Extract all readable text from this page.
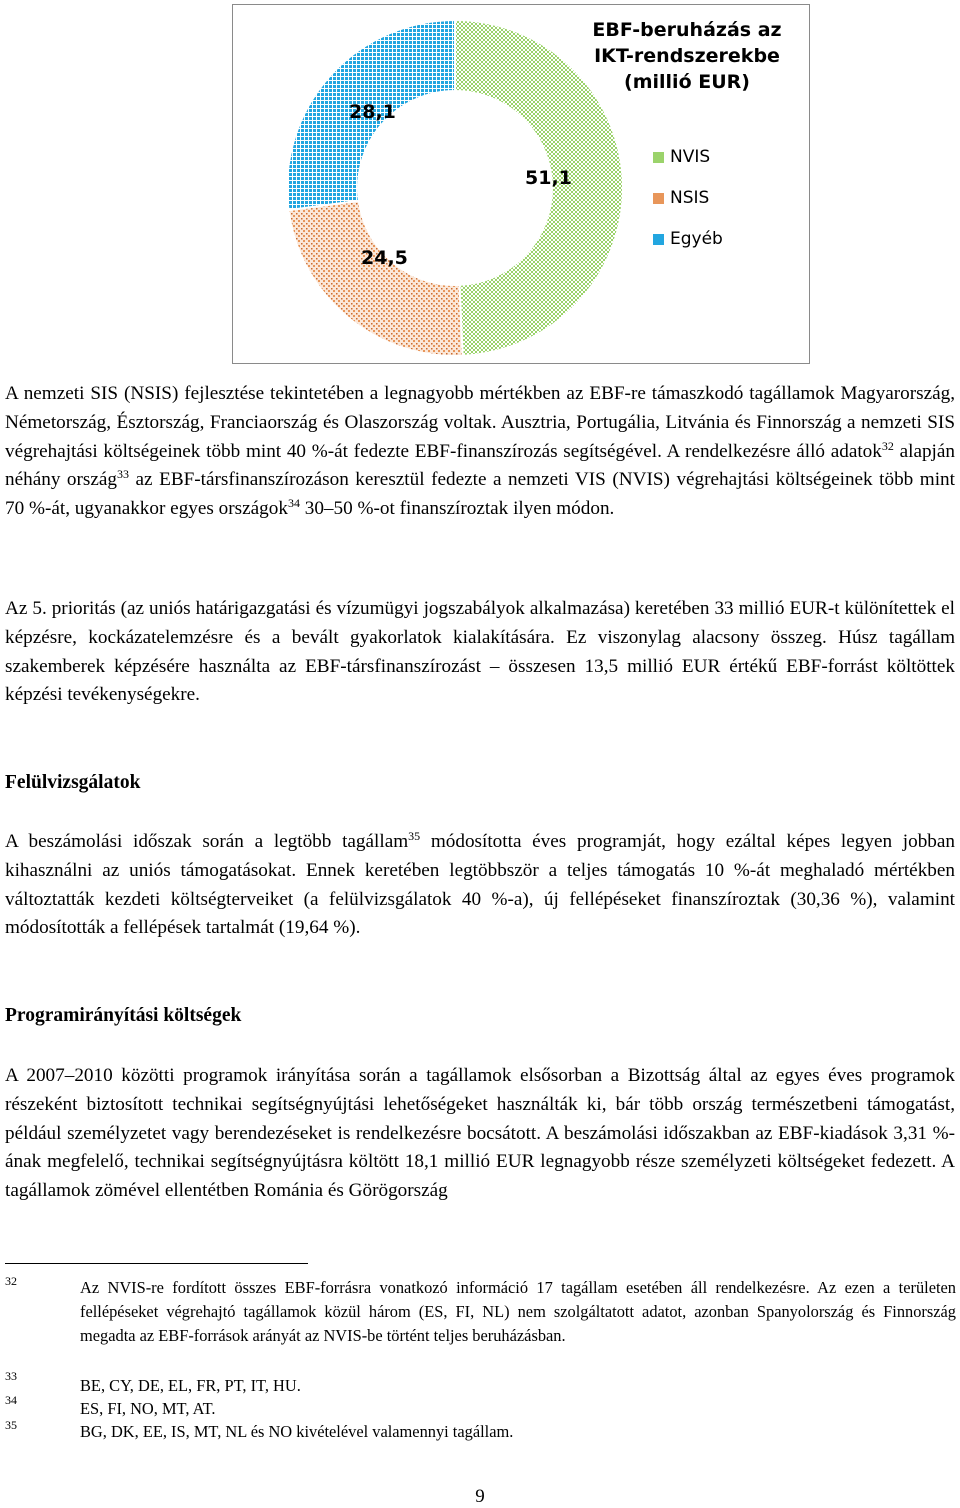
EBF-beruházás az
IKT-rendszerekbe
(millió EUR)
NVIS
NSIS
Egyéb
51,1
24,5
28,1

A nemzeti SIS (NSIS) fejlesztése tekintetében a legnagyobb mértékben az EBF-re támaszkodó tagállamok Magyarország, Németország, Észtország, Franciaország és Olaszország voltak. Ausztria, Portugália, Litvánia és Finnország a nemzeti SIS végrehajtási költségeinek több mint 40 %-át fedezte EBF-finanszírozás segítségével. A rendelkezésre álló adatok$^{32}$ alapján néhány ország$^{33}$ az EBF-társfinanszírozáson keresztül fedezte a nemzeti VIS (NVIS) végrehajtási költségeinek több mint 70 %-át, ugyanakkor egyes országok$^{34}$ 30–50 %-ot finanszíroztak ilyen módon.

Az 5. prioritás (az uniós határigazgatási és vízumügyi jogszabályok alkalmazása) keretében 33 millió EUR-t különítettek el képzésre, kockázatelemzésre és a bevált gyakorlatok kialakítására. Ez viszonylag alacsony összeg. Húsz tagállam szakemberek képzésére használta az EBF-társfinanszírozást – összesen 13,5 millió EUR értékű EBF-forrást költöttek képzési tevékenységekre.

Felülvizsgálatok

A beszámolási időszak során a legtöbb tagállam$^{35}$ módosította éves programját, hogy ezáltal képes legyen jobban kihasználni az uniós támogatásokat. Ennek keretében legtöbbször a teljes támogatás 10 %-át meghaladó mértékben változtatták kezdeti költségterveiket (a felülvizsgálatok 40 %-a), új fellépéseket finanszíroztak (30,36 %), valamint módosították a fellépések tartalmát (19,64 %).

Programirányítási költségek

A 2007–2010 közötti programok irányítása során a tagállamok elsősorban a Bizottság által az egyes éves programok részeként biztosított technikai segítségnyújtási lehetőségeket használták ki, bár több ország természetbeni támogatást, például személyzetet vagy berendezéseket is rendelkezésre bocsátott. A beszámolási időszakban az EBF-kiadások 3,31 %-ának megfelelő, technikai segítségnyújtásra költött 18,1 millió EUR legnagyobb része személyzeti költségeket fedezett. A tagállamok zömével ellentétben Románia és Görögország

32	Az NVIS-re fordított összes EBF-forrásra vonatkozó információ 17 tagállam esetében áll rendelkezésre. Az ezen a területen fellépéseket végrehajtó tagállamok közül három (ES, FI, NL) nem szolgáltatott adatot, azonban Spanyolország és Finnország megadta az EBF-források arányát az NVIS-be történt teljes beruházásban.

33	BE, CY, DE, EL, FR, PT, IT, HU.

34	ES, FI, NO, MT, AT.

35	BG, DK, EE, IS, MT, NL és NO kivételével valamennyi tagállam.

9
